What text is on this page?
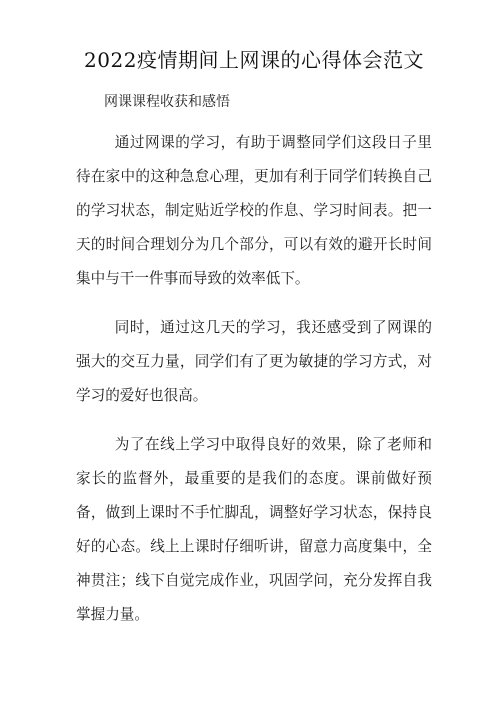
2022疫情期间上网课的心得体会范文
网课课程收获和感悟

通过网课的学习，有助于调整同学们这段日子里待在家中的这种急怠心理，更加有利于同学们转换自己的学习状态，制定贴近学校的作息、学习时间表。把一天的时间合理划分为几个部分，可以有效的避开长时间集中与干一件事而导致的效率低下。

同时，通过这几天的学习，我还感受到了网课的强大的交互力量，同学们有了更为敏捷的学习方式，对学习的爱好也很高。

为了在线上学习中取得良好的效果，除了老师和家长的监督外，最重要的是我们的态度。课前做好预备，做到上课时不手忙脚乱，调整好学习状态，保持良好的心态。线上上课时仔细听讲，留意力高度集中，全神贯注；线下自觉完成作业，巩固学问，充分发挥自我掌握力量。
